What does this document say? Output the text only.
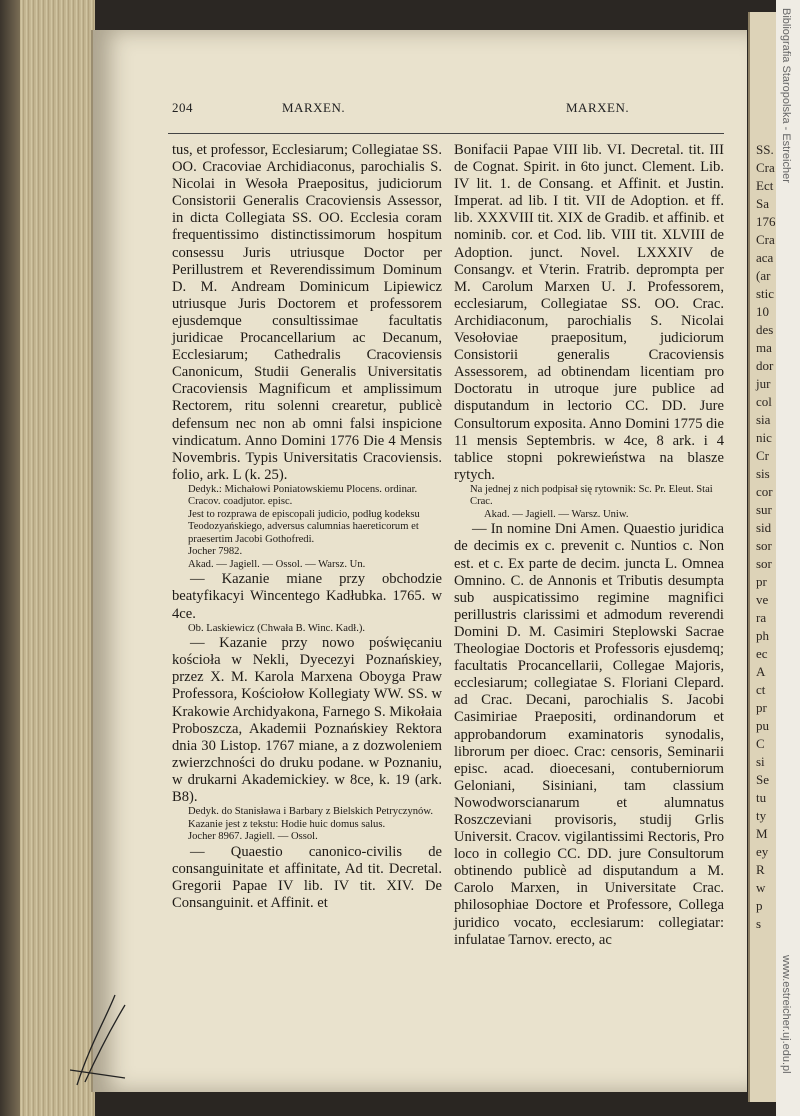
SS.
Cra
Ect
Sa
176
Cra
aca
(ar
stic
10
des
ma
dor
jur
col
sia
nic
Cr
sis
cor
sur
sid
sor
sor
pr
ve
ra
ph
ec
A
ct
pr
pu
C
si
Se
tu
ty
M
ey
R
w
p
s
Bibliografia Staropolska - Estreicher
www.estreicher.uj.edu.pl
204	MARXEN.	MARXEN.

tus, et professor, Ecclesiarum; Collegiatae SS. OO. Cracoviae Archidiaconus, parochialis S. Nicolai in Wesoła Praepositus, judiciorum Consistorii Generalis Cracoviensis Assessor, in dicta Collegiata SS. OO. Ecclesia coram frequentissimo distinctissimorum hospitum consessu Juris utriusque Doctor per Perillustrem et Reverendissimum Dominum D. M. Andream Dominicum Lipiewicz utriusque Juris Doctorem et professorem ejusdemque consultissimae facultatis juridicae Procancellarium ac Decanum, Ecclesiarum; Cathedralis Cracoviensis Canonicum, Studii Generalis Universitatis Cracoviensis Magnificum et amplissimum Rectorem, ritu solenni crearetur, publicè defensum nec non ab omni falsi inspicione vindicatum. Anno Domini 1776 Die 4 Mensis Novembris. Typis Universitatis Cracoviensis. folio, ark. L (k. 25).

Dedyk.: Michałowi Poniatowskiemu Plocens. ordinar. Cracov. coadjutor. episc.

Jest to rozprawa de episcopali judicio, podług kodeksu Teodozyańskiego, adversus calumnias haereticorum et praesertim Jacobi Gothofredi.

Jocher 7982.

Akad. — Jagiell. — Ossol. — Warsz. Un.

— Kazanie miane przy obchodzie beatyfikacyi Wincentego Kadłubka. 1765. w 4ce.

Ob. Laskiewicz (Chwała B. Winc. Kadł.).

— Kazanie przy nowo poświęcaniu kościoła w Nekli, Dyecezyi Poznańskiey, przez X. M. Karola Marxena Oboyga Praw Professora, Kościołow Kollegiaty WW. SS. w Krakowie Archidyakona, Farnego S. Mikołaia Proboszcza, Akademii Poznańskiey Rektora dnia 30 Listop. 1767 miane, a z dozwoleniem zwierzchności do druku podane. w Poznaniu, w drukarni Akademickiey. w 8ce, k. 19 (ark. B8).

Dedyk. do Stanisława i Barbary z Bielskich Petryczynów.

Kazanie jest z tekstu: Hodie huic domus salus.

Jocher 8967. Jagiell. — Ossol.

— Quaestio canonico-civilis de consanguinitate et affinitate, Ad tit. Decretal. Gregorii Papae IV lib. IV tit. XIV. De Consanguinit. et Affinit. et

Bonifacii Papae VIII lib. VI. Decretal. tit. III de Cognat. Spirit. in 6to junct. Clement. Lib. IV lit. 1. de Consang. et Affinit. et Justin. Imperat. ad lib. I tit. VII de Adoption. et ff. lib. XXXVIII tit. XIX de Gradib. et affinib. et nominib. cor. et Cod. lib. VIII tit. XLVIII de Adoption. junct. Novel. LXXXIV de Consangv. et Vterin. Fratrib. deprompta per M. Carolum Marxen U. J. Professorem, ecclesiarum, Collegiatae SS. OO. Crac. Archidiaconum, parochialis S. Nicolai Vesołoviae praepositum, judiciorum Consistorii generalis Cracoviensis Assessorem, ad obtinendam licentiam pro Doctoratu in utroque jure publice ad disputandum in lectorio CC. DD. Jure Consultorum exposita. Anno Domini 1775 die 11 mensis Septembris. w 4ce, 8 ark. i 4 tablice stopni pokrewieństwa na blasze rytych.

Na jednej z nich podpisał się rytownik: Sc. Pr. Eleut. Stai Crac.

Akad. — Jagiell. — Warsz. Uniw.

— In nomine Dni Amen. Quaestio juridica de decimis ex c. prevenit c. Nuntios c. Non est. et c. Ex parte de decim. juncta L. Omnea Omnino. C. de Annonis et Tributis desumpta sub auspicatissimo regimine magnifici perillustris clarissimi et admodum reverendi Domini D. M. Casimiri Steplowski Sacrae Theologiae Doctoris et Professoris ejusdemq; facultatis Procancellarii, Collegae Majoris, ecclesiarum; collegiatae S. Floriani Clepard. ad Crac. Decani, parochialis S. Jacobi Casimiriae Praepositi, ordinandorum et approbandorum examinatoris synodalis, librorum per dioec. Crac: censoris, Seminarii episc. acad. dioecesani, contuberniorum Geloniani, Sisiniani, tam classium Nowodworscianarum et alumnatus Roszczeviani provisoris, studij Grlis Universit. Cracov. vigilantissimi Rectoris, Pro loco in collegio CC. DD. jure Consultorum obtinendo publicè ad disputandum a M. Carolo Marxen, in Universitate Crac. philosophiae Doctore et Professore, Collega juridico vocato, ecclesiarum: collegiatar: infulatae Tarnov. erecto, ac
